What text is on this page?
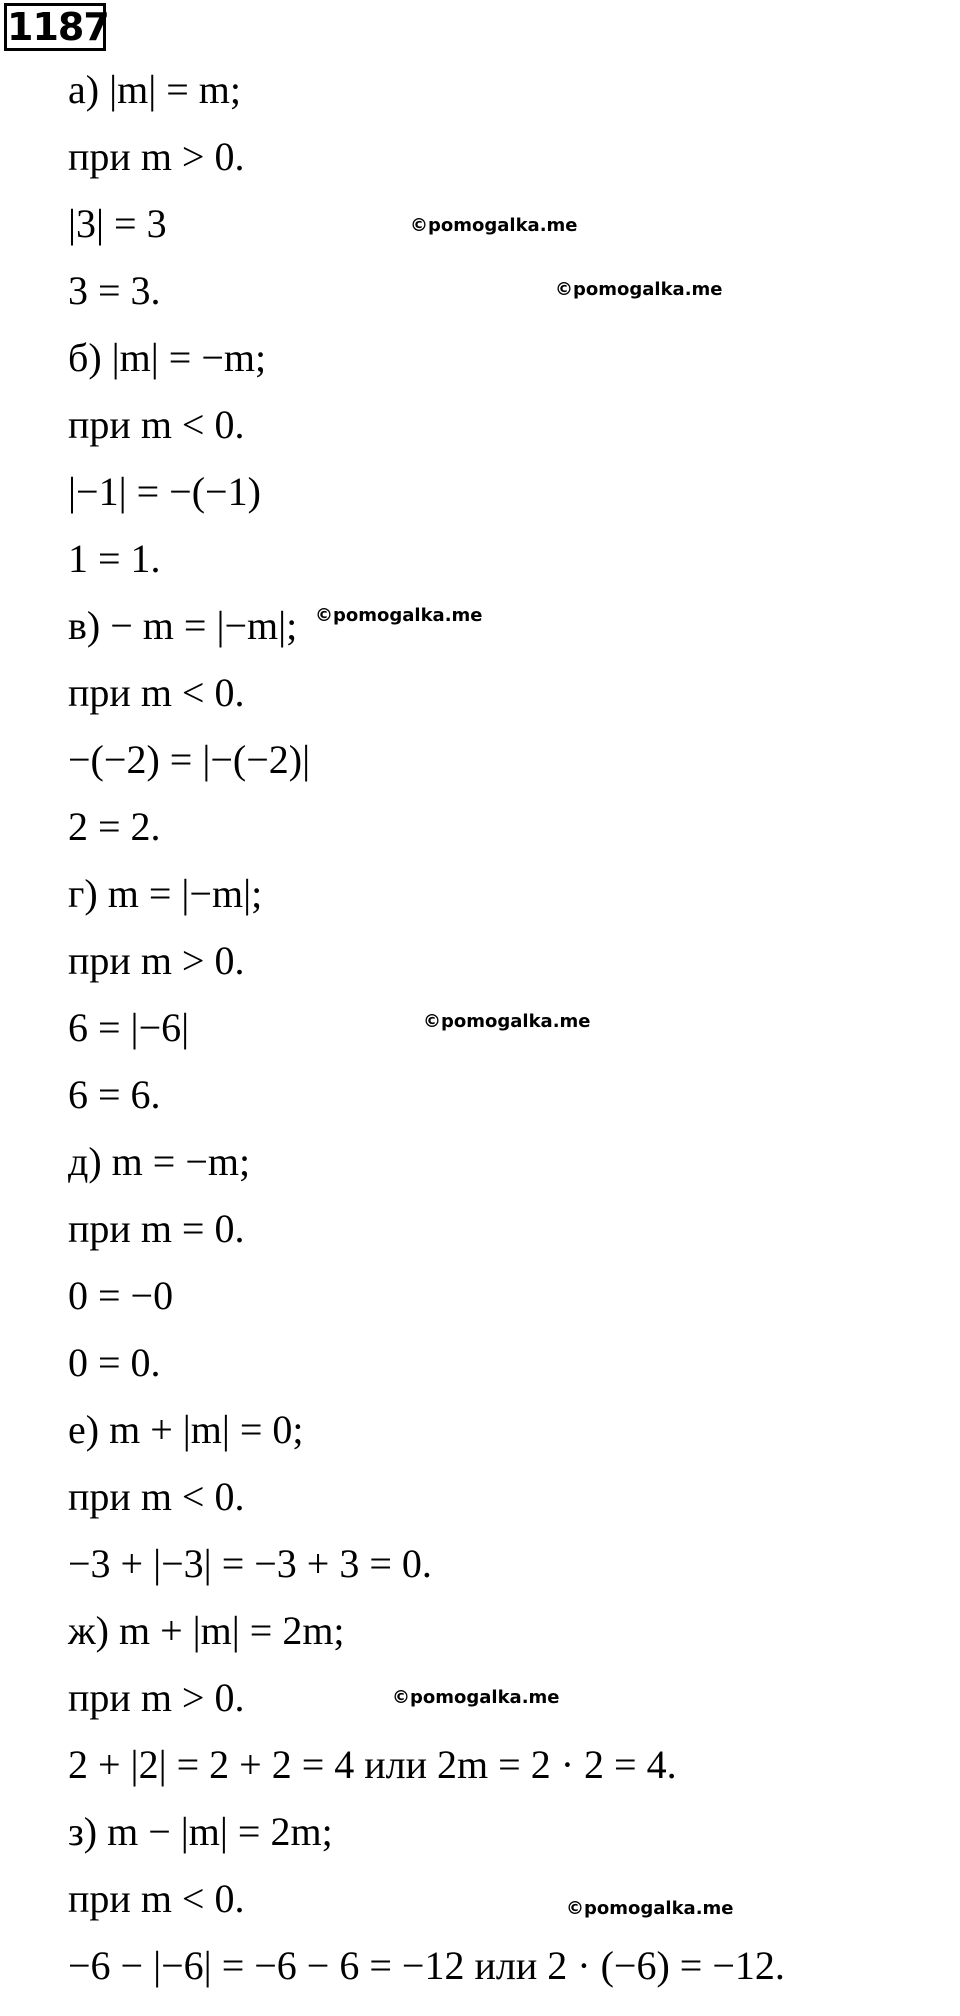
1187
а) |m| = m;
при m > 0.
|3| = 3
3 = 3.
б) |m| = −m;
при m < 0.
|−1| = −(−1)
1 = 1.
в) − m = |−m|;
при m < 0.
−(−2) = |−(−2)|
2 = 2.
г) m = |−m|;
при m > 0.
6 = |−6|
6 = 6.
д) m = −m;
при m = 0.
0 = −0
0 = 0.
е) m + |m| = 0;
при m < 0.
−3 + |−3| = −3 + 3 = 0.
ж) m + |m| = 2m;
при m > 0.
2 + |2| = 2 + 2 = 4 или 2m = 2 · 2 = 4.
з) m − |m| = 2m;
при m < 0.
−6 − |−6| = −6 − 6 = −12 или 2 · (−6) = −12.
©pomogalka.me
©pomogalka.me
©pomogalka.me
©pomogalka.me
©pomogalka.me
©pomogalka.me
